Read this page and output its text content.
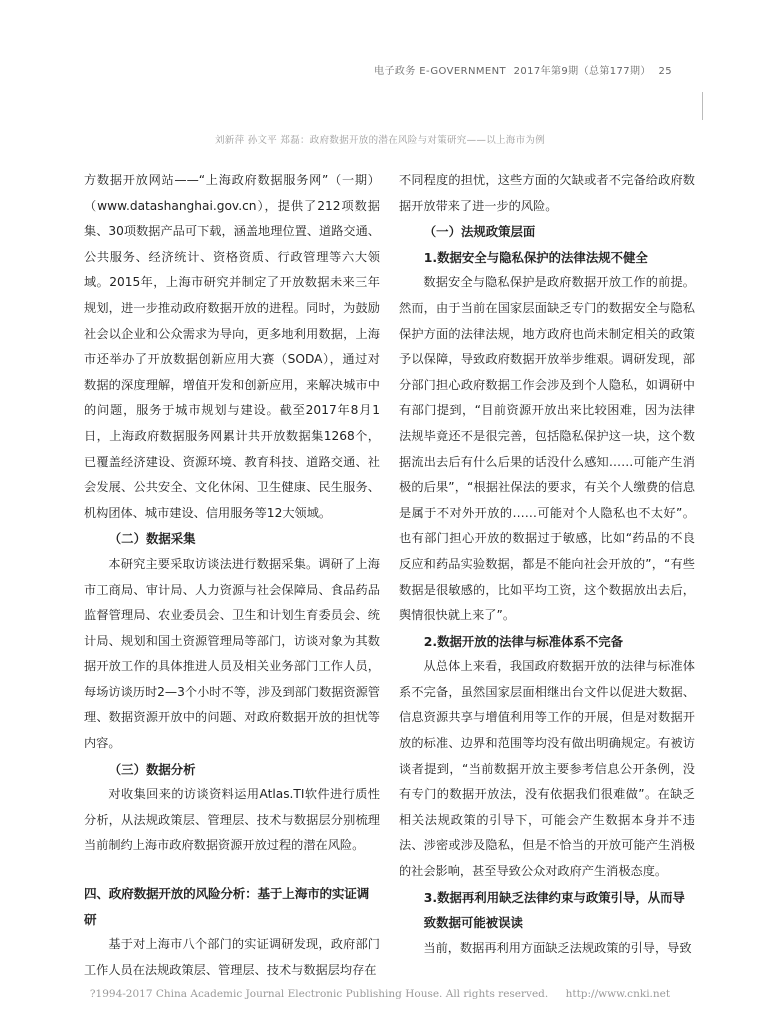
电子政务 E-GOVERNMENT 2017年第9期（总第177期） 25
刘新萍 孙文平 郑磊：政府数据开放的潜在风险与对策研究——以上海市为例

方数据开放网站——“上海政府数据服务网”（一期）（www.datashanghai.gov.cn），提供了212项数据集、30项数据产品可下载，涵盖地理位置、道路交通、公共服务、经济统计、资格资质、行政管理等六大领域。2015年，上海市研究并制定了开放数据未来三年规划，进一步推动政府数据开放的进程。同时，为鼓励社会以企业和公众需求为导向，更多地利用数据，上海市还举办了开放数据创新应用大赛（SODA），通过对数据的深度理解，增值开发和创新应用，来解决城市中的问题，服务于城市规划与建设。截至2017年8月1日，上海政府数据服务网累计共开放数据集1268个，已覆盖经济建设、资源环境、教育科技、道路交通、社会发展、公共安全、文化休闲、卫生健康、民生服务、机构团体、城市建设、信用服务等12大领域。

（二）数据采集

本研究主要采取访谈法进行数据采集。调研了上海市工商局、审计局、人力资源与社会保障局、食品药品监督管理局、农业委员会、卫生和计划生育委员会、统计局、规划和国土资源管理局等部门，访谈对象为其数据开放工作的具体推进人员及相关业务部门工作人员，每场访谈历时2—3个小时不等，涉及到部门数据资源管理、数据资源开放中的问题、对政府数据开放的担忧等内容。

（三）数据分析

对收集回来的访谈资料运用Atlas.TI软件进行质性分析，从法规政策层、管理层、技术与数据层分别梳理当前制约上海市政府数据资源开放过程的潜在风险。

四、政府数据开放的风险分析：基于上海市的实证调研

基于对上海市八个部门的实证调研发现，政府部门工作人员在法规政策层、管理层、技术与数据层均存在

不同程度的担忧，这些方面的欠缺或者不完备给政府数据开放带来了进一步的风险。

（一）法规政策层面
1.数据安全与隐私保护的法律法规不健全

数据安全与隐私保护是政府数据开放工作的前提。然而，由于当前在国家层面缺乏专门的数据安全与隐私保护方面的法律法规，地方政府也尚未制定相关的政策予以保障，导致政府数据开放举步维艰。调研发现，部分部门担心政府数据工作会涉及到个人隐私，如调研中有部门提到，“目前资源开放出来比较困难，因为法律法规毕竟还不是很完善，包括隐私保护这一块，这个数据流出去后有什么后果的话没什么感知……可能产生消极的后果”，“根据社保法的要求，有关个人缴费的信息是属于不对外开放的……可能对个人隐私也不太好”。也有部门担心开放的数据过于敏感，比如“药品的不良反应和药品实验数据，都是不能向社会开放的”，“有些数据是很敏感的，比如平均工资，这个数据放出去后，舆情很快就上来了”。

2.数据开放的法律与标准体系不完备

从总体上来看，我国政府数据开放的法律与标准体系不完备，虽然国家层面相继出台文件以促进大数据、信息资源共享与增值利用等工作的开展，但是对数据开放的标准、边界和范围等均没有做出明确规定。有被访谈者提到，“当前数据开放主要参考信息公开条例，没有专门的数据开放法，没有依据我们很难做”。在缺乏相关法规政策的引导下，可能会产生数据本身并不违法、涉密或涉及隐私，但是不恰当的开放可能产生消极的社会影响，甚至导致公众对政府产生消极态度。

3.数据再利用缺乏法律约束与政策引导，从而导致数据可能被误读

当前，数据再利用方面缺乏法规政策的引导，导致

?1994-2017 China Academic Journal Electronic Publishing House. All rights reserved. http://www.cnki.net
